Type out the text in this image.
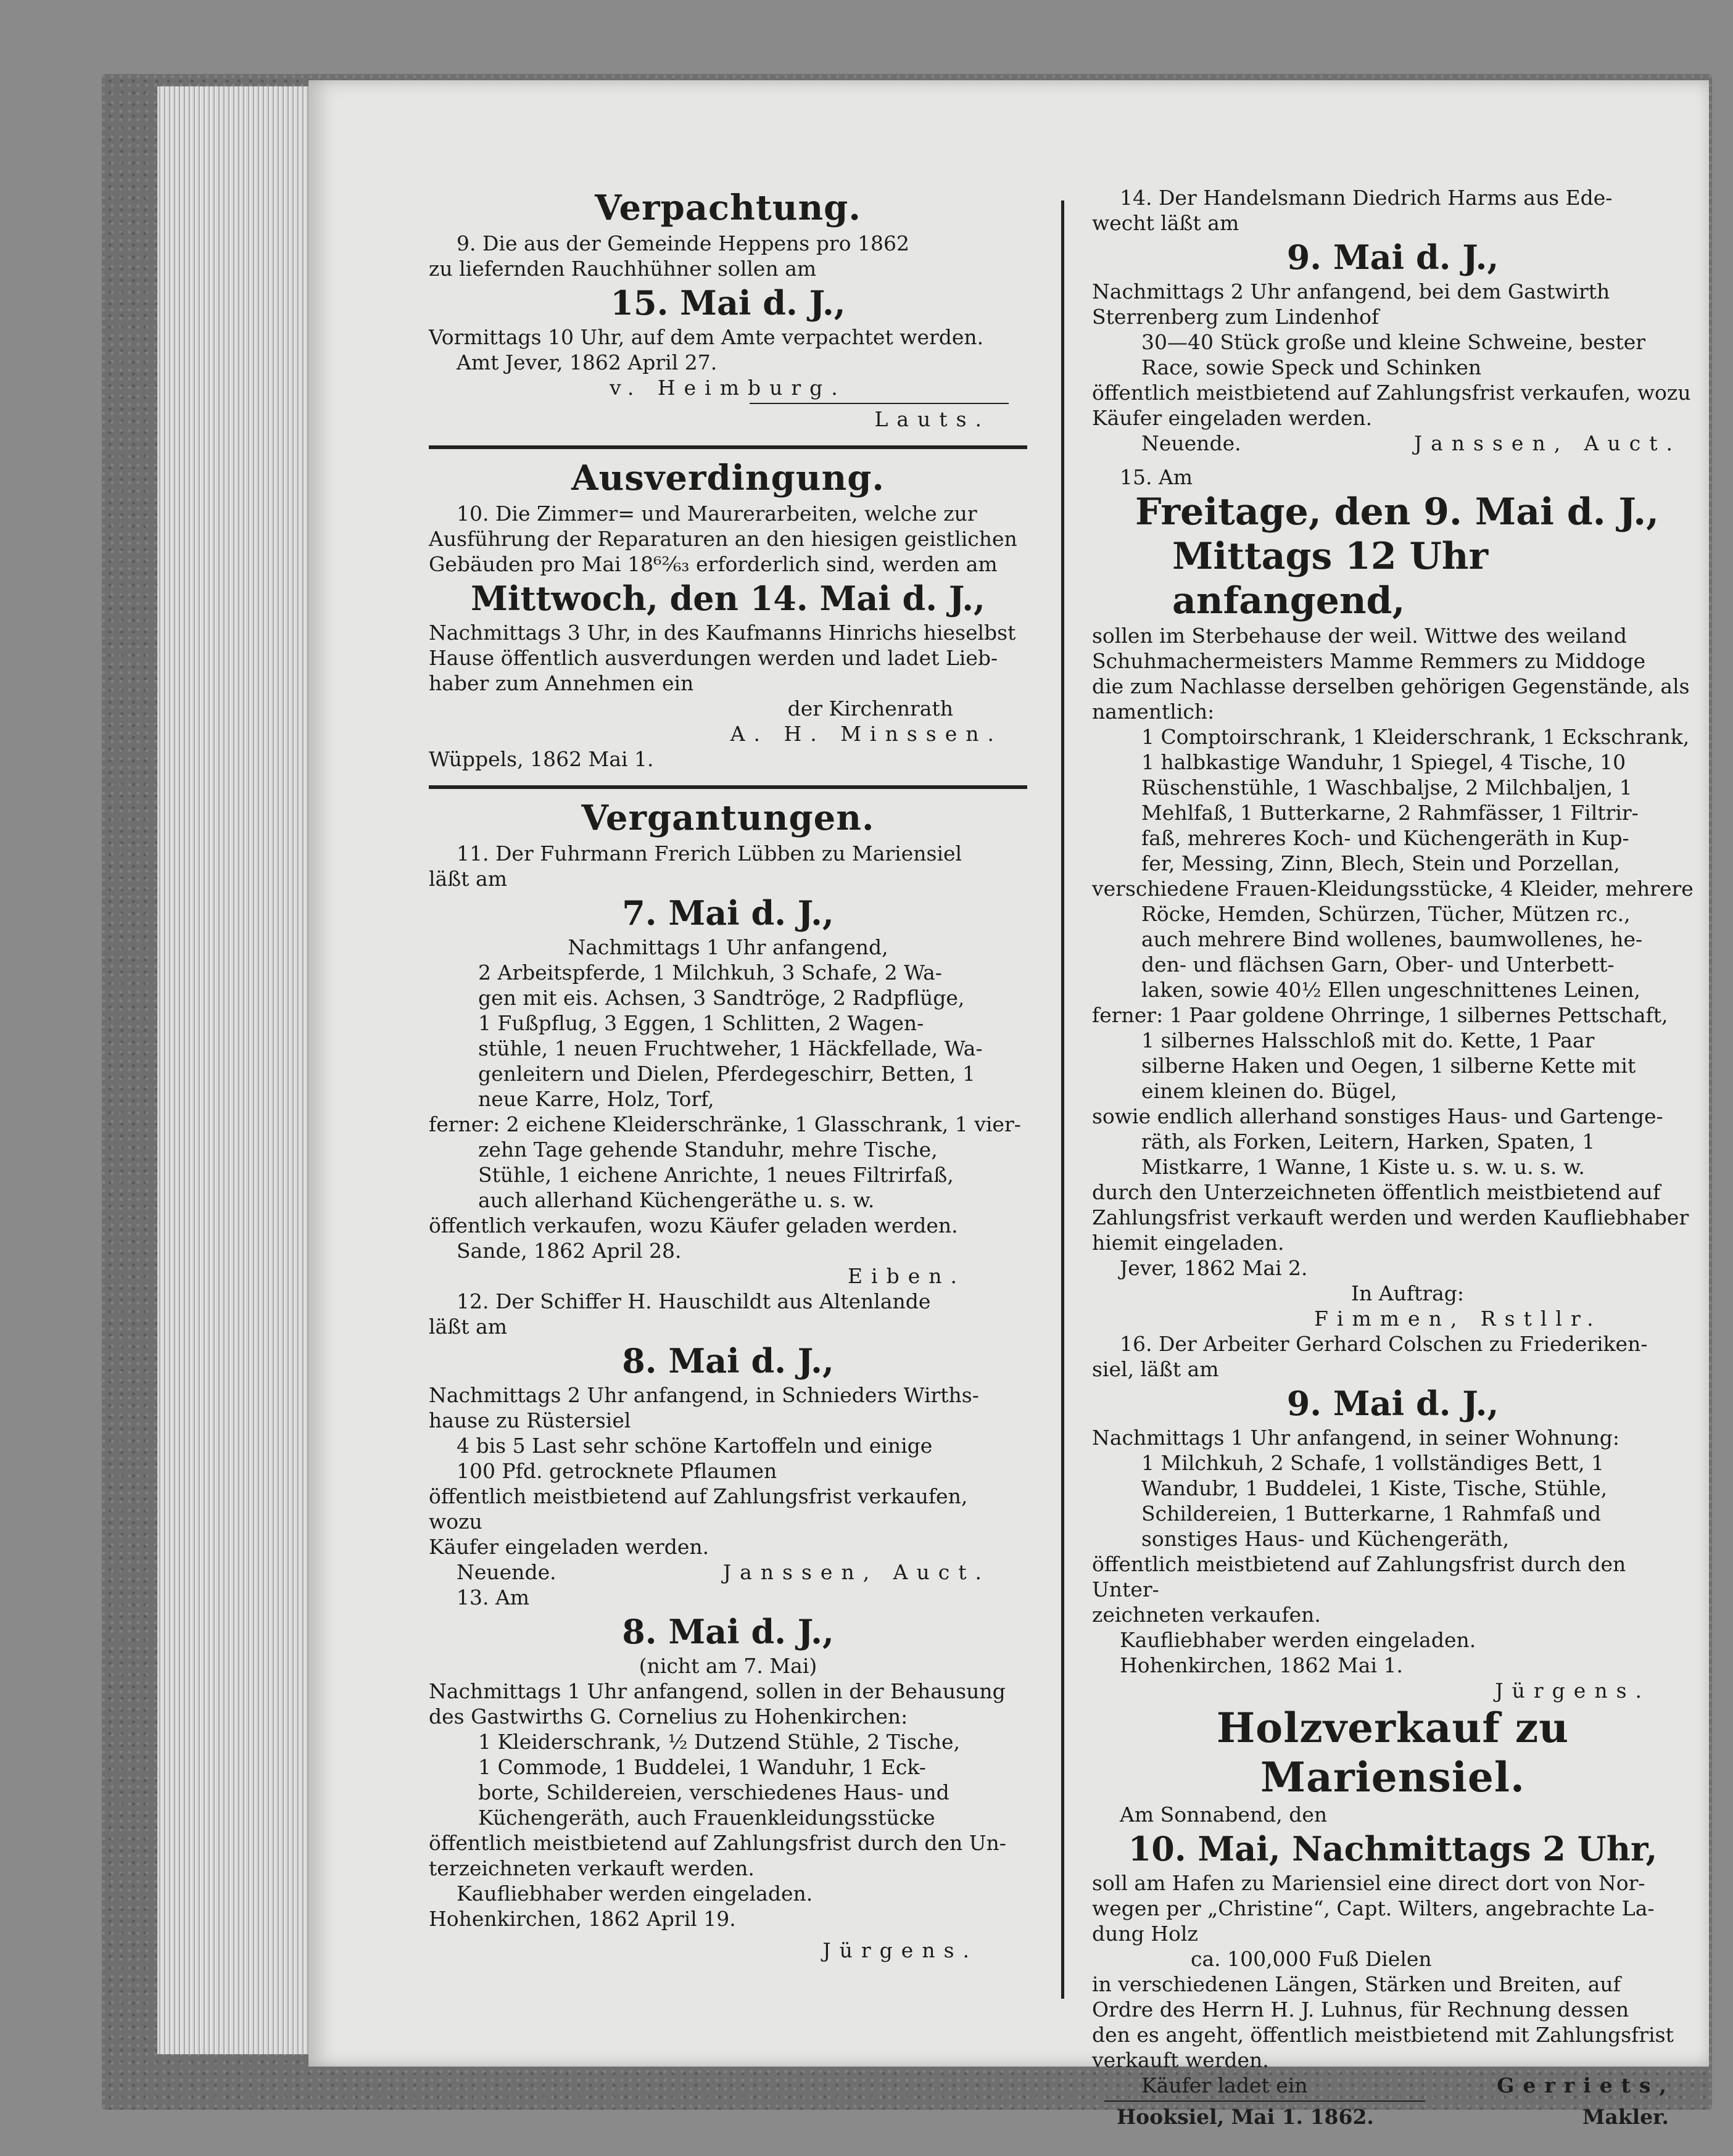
Verpachtung.
9. Die aus der Gemeinde Heppens pro 1862
zu liefernden Rauchhühner sollen am
15. Mai d. J.,
Vormittags 10 Uhr, auf dem Amte verpachtet werden.
Amt Jever, 1862 April 27.
v. Heimburg.
Lauts.
Ausverdingung.
10. Die Zimmer= und Maurerarbeiten, welche zur
Ausführung der Reparaturen an den hiesigen geistlichen
Gebäuden pro Mai 18⁶²⁄₆₃ erforderlich sind, werden am
Mittwoch, den 14. Mai d. J.,
Nachmittags 3 Uhr, in des Kaufmanns Hinrichs hieselbst
Hause öffentlich ausverdungen werden und ladet Lieb-
haber zum Annehmen ein
der Kirchenrath
A. H. Minssen.
Wüppels, 1862 Mai 1.
Vergantungen.
11. Der Fuhrmann Frerich Lübben zu Mariensiel
läßt am
7. Mai d. J.,
Nachmittags 1 Uhr anfangend,
2 Arbeitspferde, 1 Milchkuh, 3 Schafe, 2 Wa-
gen mit eis. Achsen, 3 Sandtröge, 2 Radpflüge,
1 Fußpflug, 3 Eggen, 1 Schlitten, 2 Wagen-
stühle, 1 neuen Fruchtweher, 1 Häckfellade, Wa-
genleitern und Dielen, Pferdegeschirr, Betten, 1
neue Karre, Holz, Torf,
ferner: 2 eichene Kleiderschränke, 1 Glasschrank, 1 vier-
zehn Tage gehende Standuhr, mehre Tische,
Stühle, 1 eichene Anrichte, 1 neues Filtrirfaß,
auch allerhand Küchengeräthe u. s. w.
öffentlich verkaufen, wozu Käufer geladen werden.
Sande, 1862 April 28.
Eiben.
12. Der Schiffer H. Hauschildt aus Altenlande
läßt am
8. Mai d. J.,
Nachmittags 2 Uhr anfangend, in Schnieders Wirths-
hause zu Rüstersiel
4 bis 5 Last sehr schöne Kartoffeln und einige
100 Pfd. getrocknete Pflaumen
öffentlich meistbietend auf Zahlungsfrist verkaufen, wozu
Käufer eingeladen werden.
Neuende.	Janssen, Auct.
13. Am
8. Mai d. J.,
(nicht am 7. Mai)
Nachmittags 1 Uhr anfangend, sollen in der Behausung
des Gastwirths G. Cornelius zu Hohenkirchen:
1 Kleiderschrank, ½ Dutzend Stühle, 2 Tische,
1 Commode, 1 Buddelei, 1 Wanduhr, 1 Eck-
borte, Schildereien, verschiedenes Haus- und
Küchengeräth, auch Frauenkleidungsstücke
öffentlich meistbietend auf Zahlungsfrist durch den Un-
terzeichneten verkauft werden.
Kaufliebhaber werden eingeladen.
Hohenkirchen, 1862 April 19.
Jürgens.
14. Der Handelsmann Diedrich Harms aus Ede-
wecht läßt am
9. Mai d. J.,
Nachmittags 2 Uhr anfangend, bei dem Gastwirth
Sterrenberg zum Lindenhof
30—40 Stück große und kleine Schweine, bester
Race, sowie Speck und Schinken
öffentlich meistbietend auf Zahlungsfrist verkaufen, wozu
Käufer eingeladen werden.
Neuende.	Janssen, Auct.
15. Am
Freitage, den 9. Mai d. J.,
Mittags 12 Uhr anfangend,
sollen im Sterbehause der weil. Wittwe des weiland
Schuhmachermeisters Mamme Remmers zu Middoge
die zum Nachlasse derselben gehörigen Gegenstände, als
namentlich:
1 Comptoirschrank, 1 Kleiderschrank, 1 Eckschrank,
1 halbkastige Wanduhr, 1 Spiegel, 4 Tische, 10
Rüschenstühle, 1 Waschbaljse, 2 Milchbaljen, 1
Mehlfaß, 1 Butterkarne, 2 Rahmfässer, 1 Filtrir-
faß, mehreres Koch- und Küchengeräth in Kup-
fer, Messing, Zinn, Blech, Stein und Porzellan,
verschiedene Frauen-Kleidungsstücke, 4 Kleider, mehrere
Röcke, Hemden, Schürzen, Tücher, Mützen rc.,
auch mehrere Bind wollenes, baumwollenes, he-
den- und flächsen Garn, Ober- und Unterbett-
laken, sowie 40½ Ellen ungeschnittenes Leinen,
ferner: 1 Paar goldene Ohrringe, 1 silbernes Pettschaft,
1 silbernes Halsschloß mit do. Kette, 1 Paar
silberne Haken und Oegen, 1 silberne Kette mit
einem kleinen do. Bügel,
sowie endlich allerhand sonstiges Haus- und Gartenge-
räth, als Forken, Leitern, Harken, Spaten, 1
Mistkarre, 1 Wanne, 1 Kiste u. s. w. u. s. w.
durch den Unterzeichneten öffentlich meistbietend auf
Zahlungsfrist verkauft werden und werden Kaufliebhaber
hiemit eingeladen.
Jever, 1862 Mai 2.
In Auftrag:
Fimmen, Rstllr.
16. Der Arbeiter Gerhard Colschen zu Friederiken-
siel, läßt am
9. Mai d. J.,
Nachmittags 1 Uhr anfangend, in seiner Wohnung:
1 Milchkuh, 2 Schafe, 1 vollständiges Bett, 1
Wandubr, 1 Buddelei, 1 Kiste, Tische, Stühle,
Schildereien, 1 Butterkarne, 1 Rahmfaß und
sonstiges Haus- und Küchengeräth,
öffentlich meistbietend auf Zahlungsfrist durch den Unter-
zeichneten verkaufen.
Kaufliebhaber werden eingeladen.
Hohenkirchen, 1862 Mai 1.
Jürgens.
Holzverkauf zu Mariensiel.
Am Sonnabend, den
10. Mai, Nachmittags 2 Uhr,
soll am Hafen zu Mariensiel eine direct dort von Nor-
wegen per „Christine“, Capt. Wilters, angebrachte La-
dung Holz
ca. 100,000 Fuß Dielen
in verschiedenen Längen, Stärken und Breiten, auf
Ordre des Herrn H. J. Luhnus, für Rechnung dessen
den es angeht, öffentlich meistbietend mit Zahlungsfrist
verkauft werden.
Käufer ladet ein	Gerriets,
Hooksiel, Mai 1. 1862.	Makler.
